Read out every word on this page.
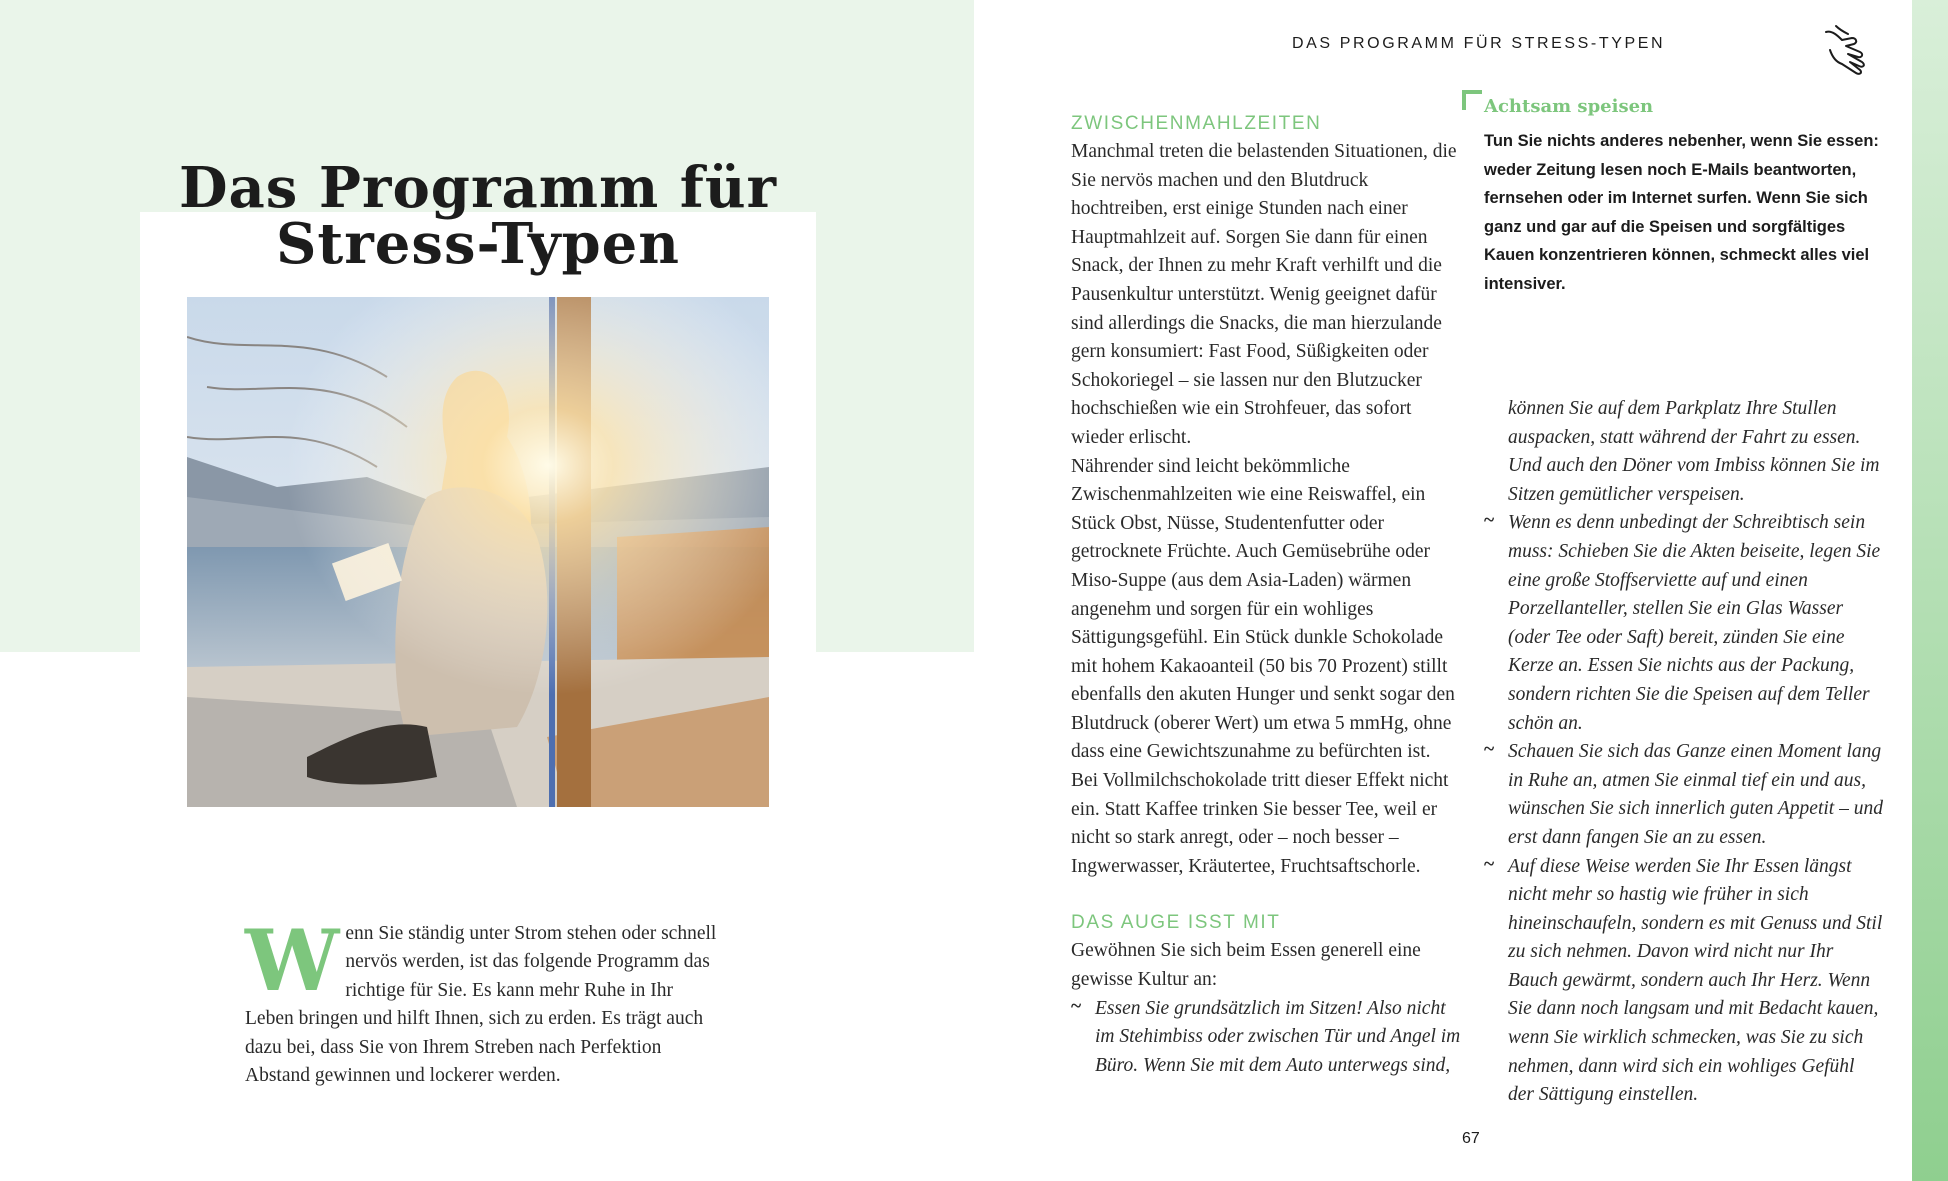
Das Programm für
Stress-Typen

Wenn Sie ständig unter Strom stehen oder schnell nervös werden, ist das folgende Programm das richtige für Sie. Es kann mehr Ruhe in Ihr Leben bringen und hilft Ihnen, sich zu erden. Es trägt auch dazu bei, dass Sie von Ihrem Streben nach Perfektion Abstand gewinnen und lockerer werden.

DAS PROGRAMM FÜR STRESS-TYPEN
ZWISCHENMAHLZEITEN

Manchmal treten die belastenden Situationen, die Sie nervös machen und den Blutdruck hochtreiben, erst einige Stunden nach einer Hauptmahlzeit auf. Sorgen Sie dann für einen Snack, der Ihnen zu mehr Kraft verhilft und die Pausenkultur unterstützt. Wenig geeignet dafür sind allerdings die Snacks, die man hierzulande gern konsumiert: Fast Food, Süßigkeiten oder Schokoriegel – sie lassen nur den Blutzucker hochschießen wie ein Strohfeuer, das sofort wieder erlischt.

Nährender sind leicht bekömmliche Zwischenmahlzeiten wie eine Reiswaffel, ein Stück Obst, Nüsse, Studentenfutter oder getrocknete Früchte. Auch Gemüsebrühe oder Miso-Suppe (aus dem Asia-Laden) wärmen angenehm und sorgen für ein wohliges Sättigungsgefühl. Ein Stück dunkle Schokolade mit hohem Kakaoanteil (50 bis 70 Prozent) stillt ebenfalls den akuten Hunger und senkt sogar den Blutdruck (oberer Wert) um etwa 5 mmHg, ohne dass eine Gewichtszunahme zu befürchten ist. Bei Vollmilchschokolade tritt dieser Effekt nicht ein. Statt Kaffee trinken Sie besser Tee, weil er nicht so stark anregt, oder – noch besser – Ingwerwasser, Kräutertee, Fruchtsaftschorle.

DAS AUGE ISST MIT

Gewöhnen Sie sich beim Essen generell eine gewisse Kultur an:

~ Essen Sie grundsätzlich im Sitzen! Also nicht im Stehimbiss oder zwischen Tür und Angel im Büro. Wenn Sie mit dem Auto unterwegs sind,
Achtsam speisen

Tun Sie nichts anderes nebenher, wenn Sie essen: weder Zeitung lesen noch E-Mails beantworten, fernsehen oder im Internet surfen. Wenn Sie sich ganz und gar auf die Speisen und sorgfältiges Kauen konzentrieren können, schmeckt alles viel intensiver.

können Sie auf dem Parkplatz Ihre Stullen auspacken, statt während der Fahrt zu essen. Und auch den Döner vom Imbiss können Sie im Sitzen gemütlicher verspeisen.

~ Wenn es denn unbedingt der Schreibtisch sein muss: Schieben Sie die Akten beiseite, legen Sie eine große Stoffserviette auf und einen Porzellanteller, stellen Sie ein Glas Wasser (oder Tee oder Saft) bereit, zünden Sie eine Kerze an. Essen Sie nichts aus der Packung, sondern richten Sie die Speisen auf dem Teller schön an.
~ Schauen Sie sich das Ganze einen Moment lang in Ruhe an, atmen Sie einmal tief ein und aus, wünschen Sie sich innerlich guten Appetit – und erst dann fangen Sie an zu essen.
~ Auf diese Weise werden Sie Ihr Essen längst nicht mehr so hastig wie früher in sich hineinschaufeln, sondern es mit Genuss und Stil zu sich nehmen. Davon wird nicht nur Ihr Bauch gewärmt, sondern auch Ihr Herz. Wenn Sie dann noch langsam und mit Bedacht kauen, wenn Sie wirklich schmecken, was Sie zu sich nehmen, dann wird sich ein wohliges Gefühl der Sättigung einstellen.
67
